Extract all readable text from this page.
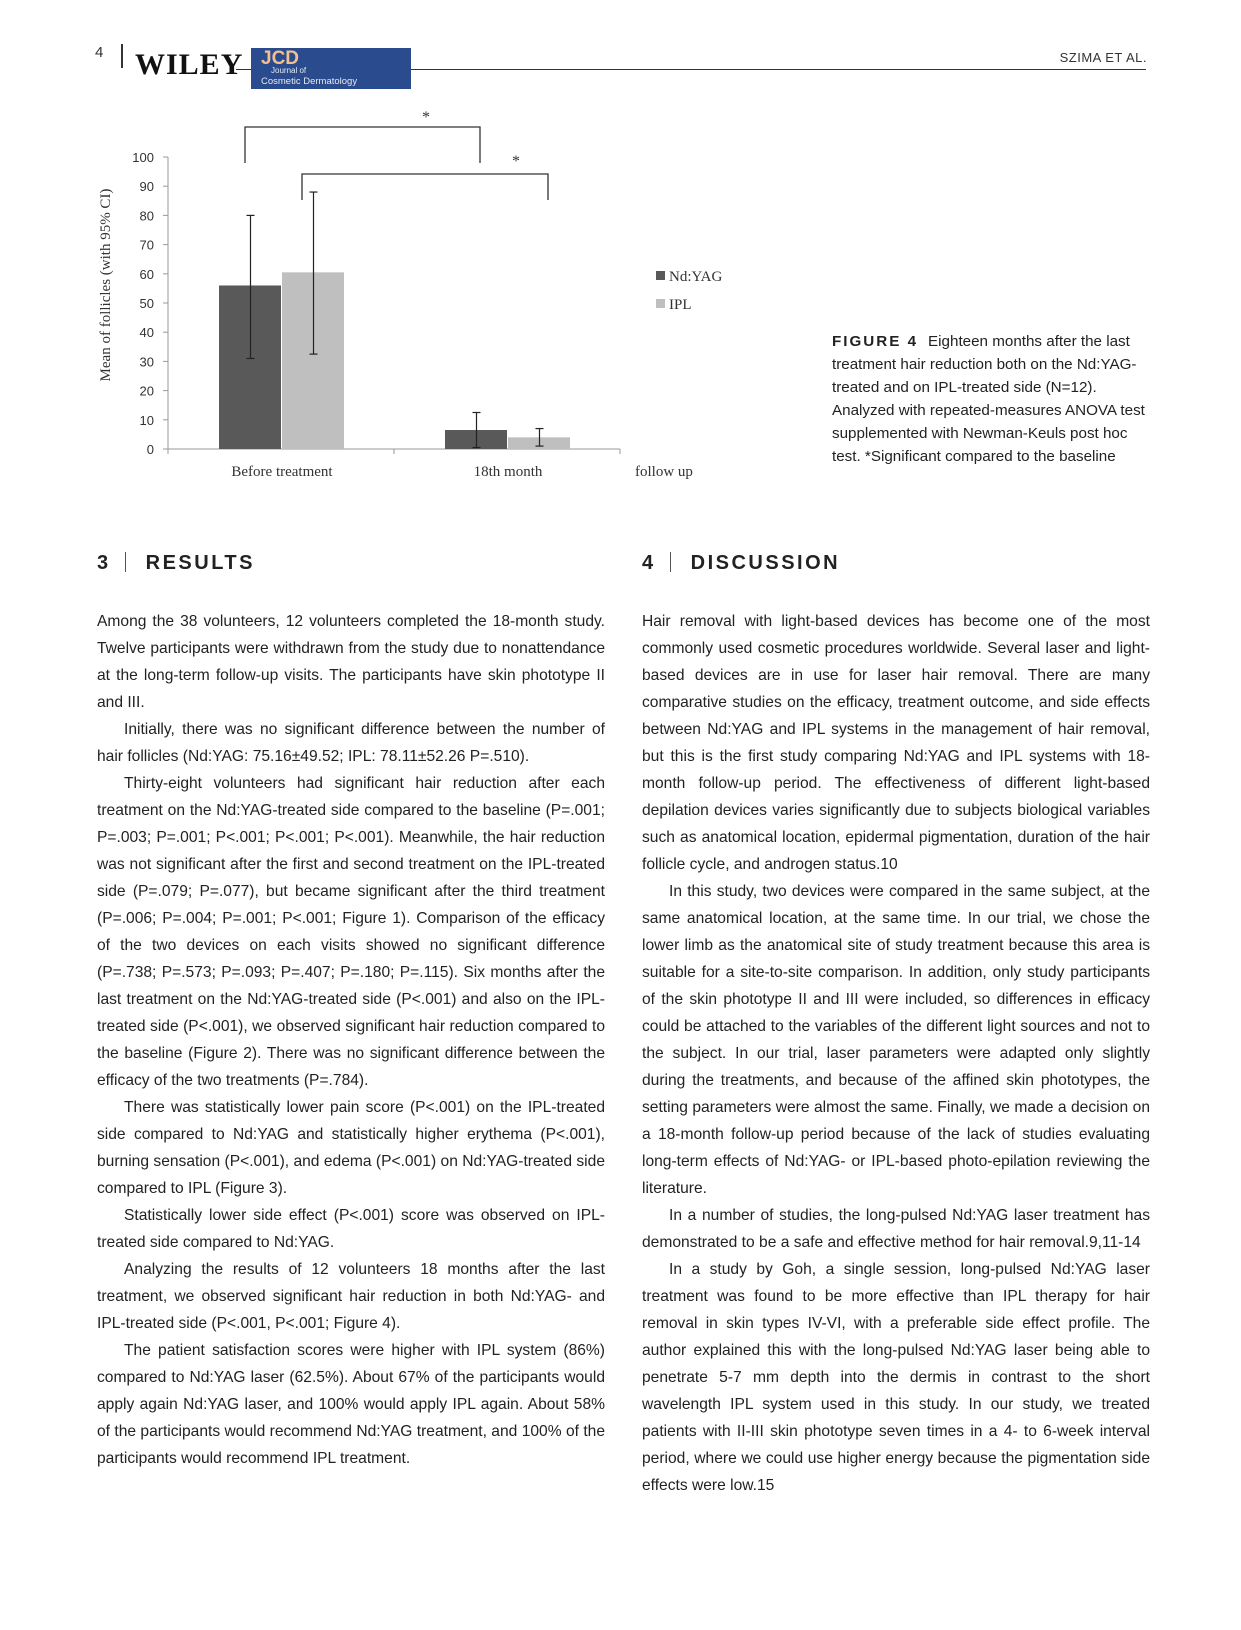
4 WILEY JCD
Journal of
Cosmetic Dermatology
SZIMA ET AL.
Mean of follicles (with 95% CI)
follow up
0
10
20
30
40
50
60
70
80
90
100
Before treatment	18th month
*
*
Nd:YAG
IPL
FIGURE 4 Eighteen months after the last treatment hair reduction both on the Nd:YAG-treated and on IPL-treated side (N=12). Analyzed with repeated-measures ANOVA test supplemented with Newman-Keuls post hoc test. *Significant compared to the baseline
3 RESULTS	4 DISCUSSION

Among the 38 volunteers, 12 volunteers completed the 18-month study. Twelve participants were withdrawn from the study due to nonattendance at the long-term follow-up visits. The participants have skin phototype II and III.

Initially, there was no significant difference between the number of hair follicles (Nd:YAG: 75.16±49.52; IPL: 78.11±52.26 P=.510).

Thirty-eight volunteers had significant hair reduction after each treatment on the Nd:YAG-treated side compared to the baseline (P=.001; P=.003; P=.001; P<.001; P<.001; P<.001). Meanwhile, the hair reduction was not significant after the first and second treatment on the IPL-treated side (P=.079; P=.077), but became significant after the third treatment (P=.006; P=.004; P=.001; P<.001; Figure 1). Comparison of the efficacy of the two devices on each visits showed no significant difference (P=.738; P=.573; P=.093; P=.407; P=.180; P=.115). Six months after the last treatment on the Nd:YAG-treated side (P<.001) and also on the IPL-treated side (P<.001), we observed significant hair reduction compared to the baseline (Figure 2). There was no significant difference between the efficacy of the two treatments (P=.784).

There was statistically lower pain score (P<.001) on the IPL-treated side compared to Nd:YAG and statistically higher erythema (P<.001), burning sensation (P<.001), and edema (P<.001) on Nd:YAG-treated side compared to IPL (Figure 3).

Statistically lower side effect (P<.001) score was observed on IPL-treated side compared to Nd:YAG.

Analyzing the results of 12 volunteers 18 months after the last treatment, we observed significant hair reduction in both Nd:YAG- and IPL-treated side (P<.001, P<.001; Figure 4).

The patient satisfaction scores were higher with IPL system (86%) compared to Nd:YAG laser (62.5%). About 67% of the participants would apply again Nd:YAG laser, and 100% would apply IPL again. About 58% of the participants would recommend Nd:YAG treatment, and 100% of the participants would recommend IPL treatment.

Hair removal with light-based devices has become one of the most commonly used cosmetic procedures worldwide. Several laser and light-based devices are in use for laser hair removal. There are many comparative studies on the efficacy, treatment outcome, and side effects between Nd:YAG and IPL systems in the management of hair removal, but this is the first study comparing Nd:YAG and IPL systems with 18-month follow-up period. The effectiveness of different light-based depilation devices varies significantly due to subjects biological variables such as anatomical location, epidermal pigmentation, duration of the hair follicle cycle, and androgen status.10

In this study, two devices were compared in the same subject, at the same anatomical location, at the same time. In our trial, we chose the lower limb as the anatomical site of study treatment because this area is suitable for a site-to-site comparison. In addition, only study participants of the skin phototype II and III were included, so differences in efficacy could be attached to the variables of the different light sources and not to the subject. In our trial, laser parameters were adapted only slightly during the treatments, and because of the affined skin phototypes, the setting parameters were almost the same. Finally, we made a decision on a 18-month follow-up period because of the lack of studies evaluating long-term effects of Nd:YAG- or IPL-based photo-epilation reviewing the literature.

In a number of studies, the long-pulsed Nd:YAG laser treatment has demonstrated to be a safe and effective method for hair removal.9,11-14

In a study by Goh, a single session, long-pulsed Nd:YAG laser treatment was found to be more effective than IPL therapy for hair removal in skin types IV-VI, with a preferable side effect profile. The author explained this with the long-pulsed Nd:YAG laser being able to penetrate 5-7 mm depth into the dermis in contrast to the short wavelength IPL system used in this study. In our study, we treated patients with II-III skin phototype seven times in a 4- to 6-week interval period, where we could use higher energy because the pigmentation side effects were low.15
